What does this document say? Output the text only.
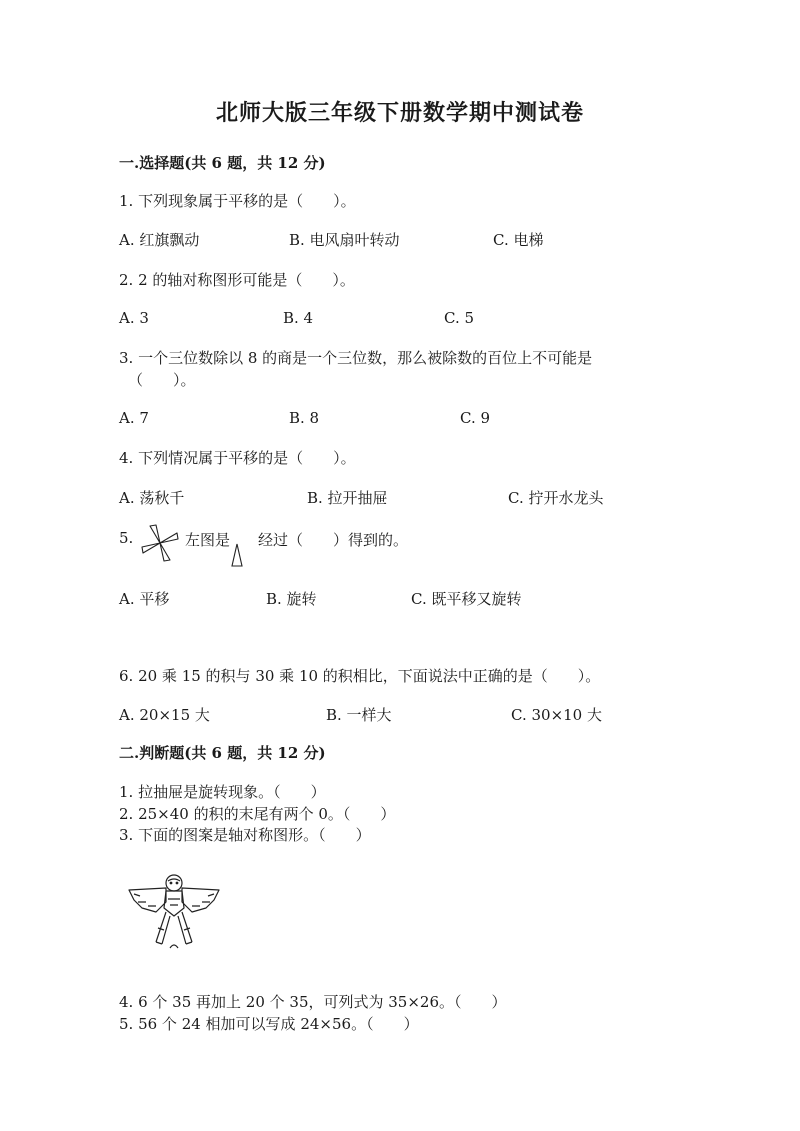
北师大版三年级下册数学期中测试卷
一.选择题(共 6 题，共 12 分)
1. 下列现象属于平移的是（　　）。
A. 红旗飘动	B. 电风扇叶转动	C. 电梯
2. 2 的轴对称图形可能是（　　）。
A. 3	B. 4	C. 5
3. 一个三位数除以 8 的商是一个三位数，那么被除数的百位上不可能是
（　　）。
A. 7	B. 8	C. 9
4. 下列情况属于平移的是（　　）。
A. 荡秋千	B. 拉开抽屉	C. 拧开水龙头
5.	左图是 经过（　　）得到的。
A. 平移	B. 旋转	C. 既平移又旋转
6. 20 乘 15 的积与 30 乘 10 的积相比，下面说法中正确的是（　　）。
A. 20×15 大	B. 一样大	C. 30×10 大
二.判断题(共 6 题，共 12 分)
1. 拉抽屉是旋转现象。（　　）
2. 25×40 的积的末尾有两个 0。（　　）
3. 下面的图案是轴对称图形。（　　）
4. 6 个 35 再加上 20 个 35，可列式为 35×26。（　　）
5. 56 个 24 相加可以写成 24×56。（　　）
